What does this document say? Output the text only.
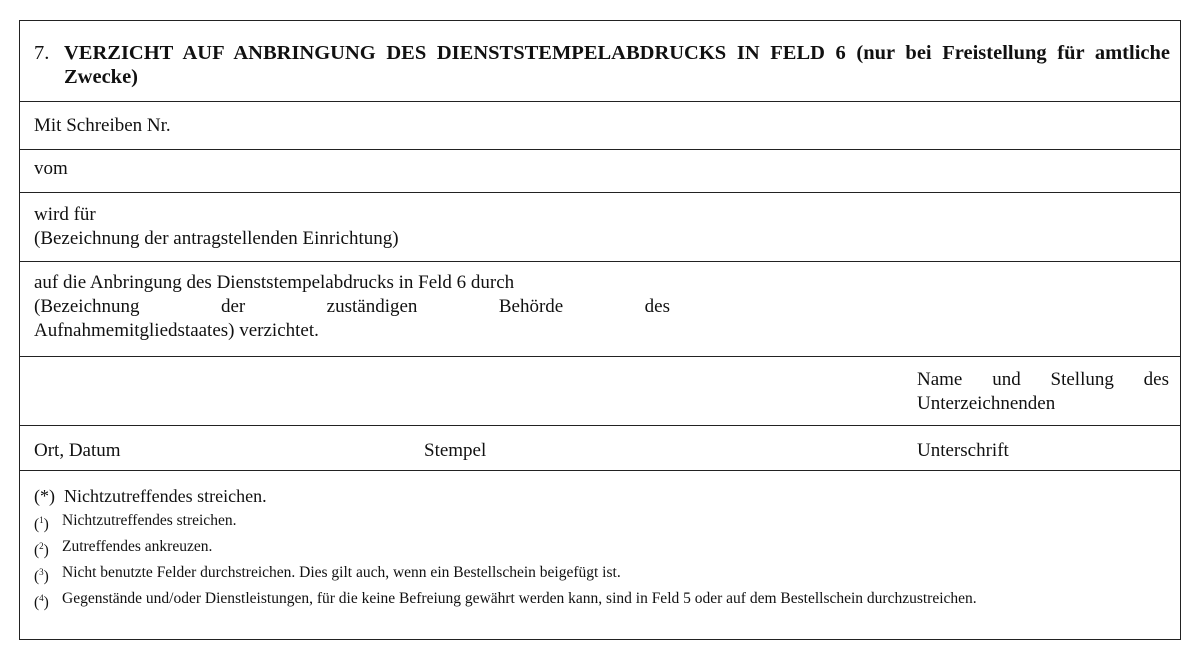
7. VERZICHT AUF ANBRINGUNG DES DIENSTSTEMPELABDRUCKS IN FELD 6 (nur bei Freistellung für amtliche Zwecke)
Mit Schreiben Nr.
vom
wird für
(Bezeichnung der antragstellenden Einrichtung)
auf die Anbringung des Dienststempelabdrucks in Feld 6 durch
(Bezeichnung der zuständigen Behörde des
Aufnahmemitgliedstaates) verzichtet.
Name und Stellung des
Unterzeichnenden
Ort, Datum	Stempel	Unterschrift
(*) Nichtzutreffendes streichen.
($^1$) Nichtzutreffendes streichen.
($^2$) Zutreffendes ankreuzen.
($^3$) Nicht benutzte Felder durchstreichen. Dies gilt auch, wenn ein Bestellschein beigefügt ist.
($^4$) Gegenstände und/oder Dienstleistungen, für die keine Befreiung gewährt werden kann, sind in Feld 5 oder auf dem Bestellschein durchzustreichen.
